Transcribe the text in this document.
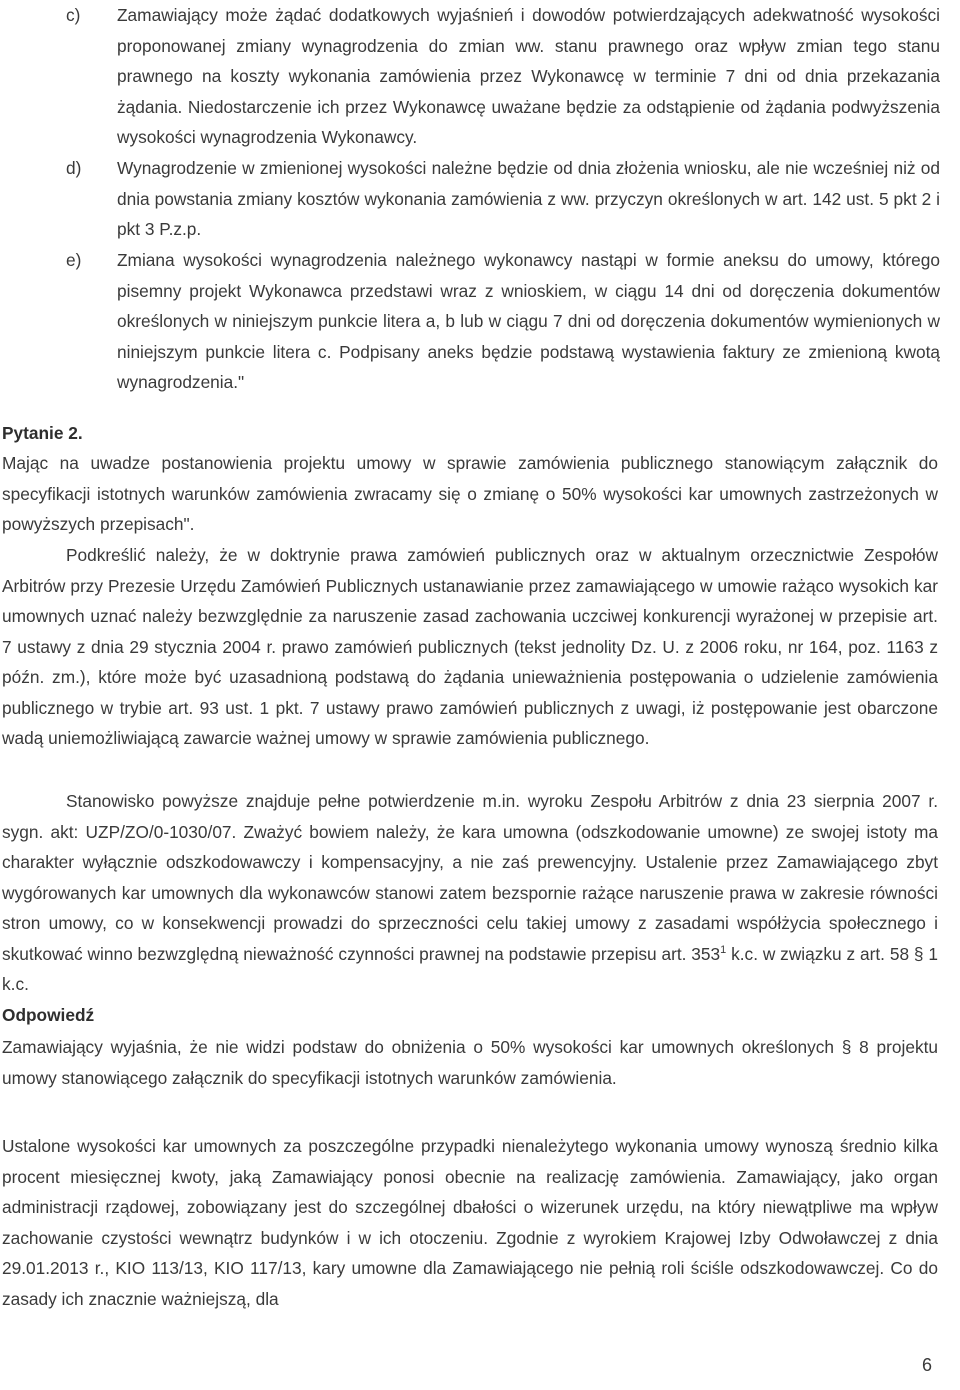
c)	Zamawiający może żądać dodatkowych wyjaśnień i dowodów potwierdzających adekwatność wysokości proponowanej zmiany wynagrodzenia do zmian ww. stanu prawnego oraz wpływ zmian tego stanu prawnego na koszty wykonania zamówienia przez Wykonawcę w terminie 7 dni od dnia przekazania żądania. Niedostarczenie ich przez Wykonawcę uważane będzie za odstąpienie od żądania podwyższenia wysokości wynagrodzenia Wykonawcy.
d)	Wynagrodzenie w zmienionej wysokości należne będzie od dnia złożenia wniosku, ale nie wcześniej niż od dnia powstania zmiany kosztów wykonania zamówienia z ww. przyczyn określonych w art. 142 ust. 5 pkt 2 i pkt 3 P.z.p.
e)	Zmiana wysokości wynagrodzenia należnego wykonawcy nastąpi w formie aneksu do umowy, którego pisemny projekt Wykonawca przedstawi wraz z wnioskiem, w ciągu 14 dni od doręczenia dokumentów określonych w niniejszym punkcie litera a, b lub w ciągu 7 dni od doręczenia dokumentów wymienionych w niniejszym punkcie litera c. Podpisany aneks będzie podstawą wystawienia faktury ze zmienioną kwotą wynagrodzenia."
Pytanie 2.
Mając na uwadze postanowienia projektu umowy w sprawie zamówienia publicznego stanowiącym załącznik do specyfikacji istotnych warunków zamówienia zwracamy się o zmianę o 50% wysokości kar umownych zastrzeżonych w powyższych przepisach".
Podkreślić należy, że w doktrynie prawa zamówień publicznych oraz w aktualnym orzecznictwie Zespołów Arbitrów przy Prezesie Urzędu Zamówień Publicznych ustanawianie przez zamawiającego w umowie rażąco wysokich kar umownych uznać należy bezwzględnie za naruszenie zasad zachowania uczciwej konkurencji wyrażonej w przepisie art. 7 ustawy z dnia 29 stycznia 2004 r. prawo zamówień publicznych (tekst jednolity Dz. U. z 2006 roku, nr 164, poz. 1163 z późn. zm.), które może być uzasadnioną podstawą do żądania unieważnienia postępowania o udzielenie zamówienia publicznego w trybie art. 93 ust. 1 pkt. 7 ustawy prawo zamówień publicznych z uwagi, iż postępowanie jest obarczone wadą uniemożliwiającą zawarcie ważnej umowy w sprawie zamówienia publicznego.
Stanowisko powyższe znajduje pełne potwierdzenie m.in. wyroku Zespołu Arbitrów z dnia 23 sierpnia 2007 r. sygn. akt: UZP/ZO/0-1030/07. Zważyć bowiem należy, że kara umowna (odszkodowanie umowne) ze swojej istoty ma charakter wyłącznie odszkodowawczy i kompensacyjny, a nie zaś prewencyjny. Ustalenie przez Zamawiającego zbyt wygórowanych kar umownych dla wykonawców stanowi zatem bezspornie rażące naruszenie prawa w zakresie równości stron umowy, co w konsekwencji prowadzi do sprzeczności celu takiej umowy z zasadami współżycia społecznego i skutkować winno bezwzględną nieważność czynności prawnej na podstawie przepisu art. $353^1$ k.c. w związku z art. 58 § 1 k.c.
Odpowiedź
Zamawiający wyjaśnia, że nie widzi podstaw do obniżenia o 50% wysokości kar umownych określonych § 8 projektu umowy stanowiącego załącznik do specyfikacji istotnych warunków zamówienia.
Ustalone wysokości kar umownych za poszczególne przypadki nienależytego wykonania umowy wynoszą średnio kilka procent miesięcznej kwoty, jaką Zamawiający ponosi obecnie na realizację zamówienia. Zamawiający, jako organ administracji rządowej, zobowiązany jest do szczególnej dbałości o wizerunek urzędu, na który niewątpliwe ma wpływ zachowanie czystości wewnątrz budynków i w ich otoczeniu. Zgodnie z wyrokiem Krajowej Izby Odwoławczej z dnia 29.01.2013 r., KIO 113/13, KIO 117/13, kary umowne dla Zamawiającego nie pełnią roli ściśle odszkodowawczej. Co do zasady ich znacznie ważniejszą, dla
6
